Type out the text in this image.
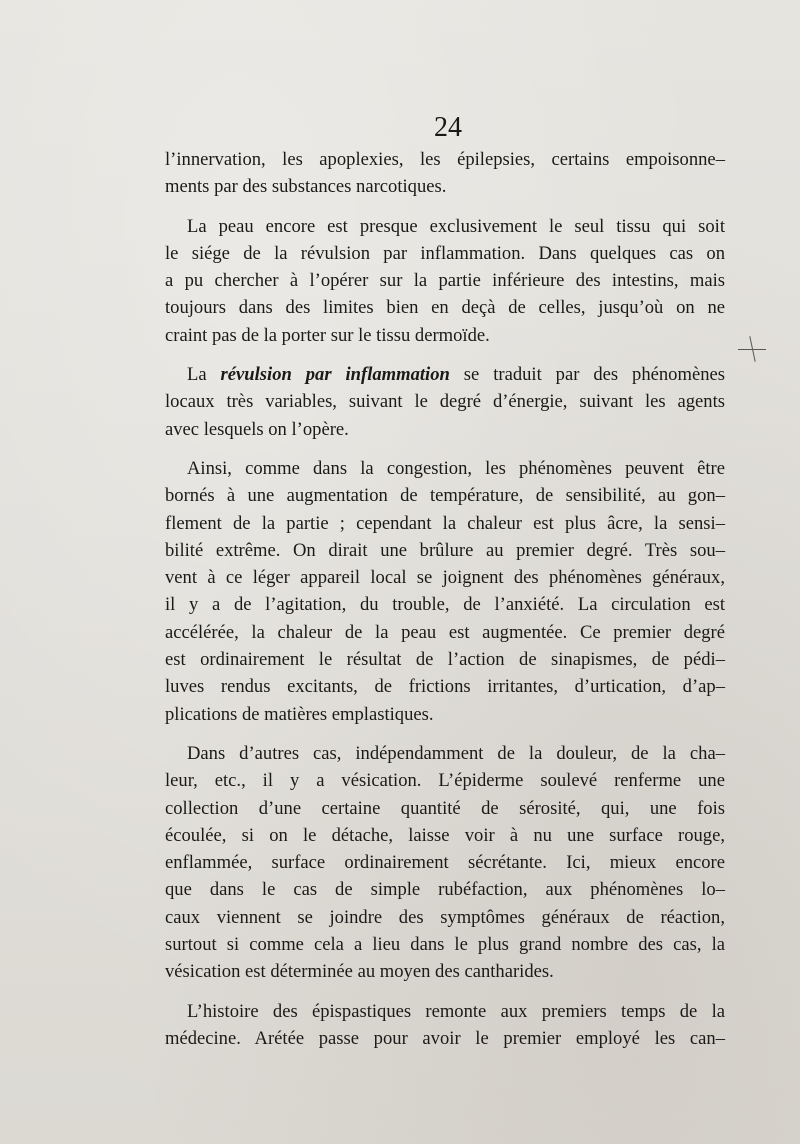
24
l’innervation, les apoplexies, les épilepsies, certains empoisonne–
ments par des substances narcotiques.
La peau encore est presque exclusivement le seul tissu qui soit
le siége de la révulsion par inflammation. Dans quelques cas on
a pu chercher à l’opérer sur la partie inférieure des intestins, mais
toujours dans des limites bien en deçà de celles, jusqu’où on ne
craint pas de la porter sur le tissu dermoïde.
La révulsion par inflammation se traduit par des phénomènes
locaux très variables, suivant le degré d’énergie, suivant les agents
avec lesquels on l’opère.
Ainsi, comme dans la congestion, les phénomènes peuvent être
bornés à une augmentation de température, de sensibilité, au gon–
flement de la partie ; cependant la chaleur est plus âcre, la sensi–
bilité extrême. On dirait une brûlure au premier degré. Très sou–
vent à ce léger appareil local se joignent des phénomènes généraux,
il y a de l’agitation, du trouble, de l’anxiété. La circulation est
accélérée, la chaleur de la peau est augmentée. Ce premier degré
est ordinairement le résultat de l’action de sinapismes, de pédi–
luves rendus excitants, de frictions irritantes, d’urtication, d’ap–
plications de matières emplastiques.
Dans d’autres cas, indépendamment de la douleur, de la cha–
leur, etc., il y a vésication. L’épiderme soulevé renferme une
collection d’une certaine quantité de sérosité, qui, une fois
écoulée, si on le détache, laisse voir à nu une surface rouge,
enflammée, surface ordinairement sécrétante. Ici, mieux encore
que dans le cas de simple rubéfaction, aux phénomènes lo–
caux viennent se joindre des symptômes généraux de réaction,
surtout si comme cela a lieu dans le plus grand nombre des cas, la
vésication est déterminée au moyen des cantharides.
L’histoire des épispastiques remonte aux premiers temps de la
médecine. Arétée passe pour avoir le premier employé les can–
